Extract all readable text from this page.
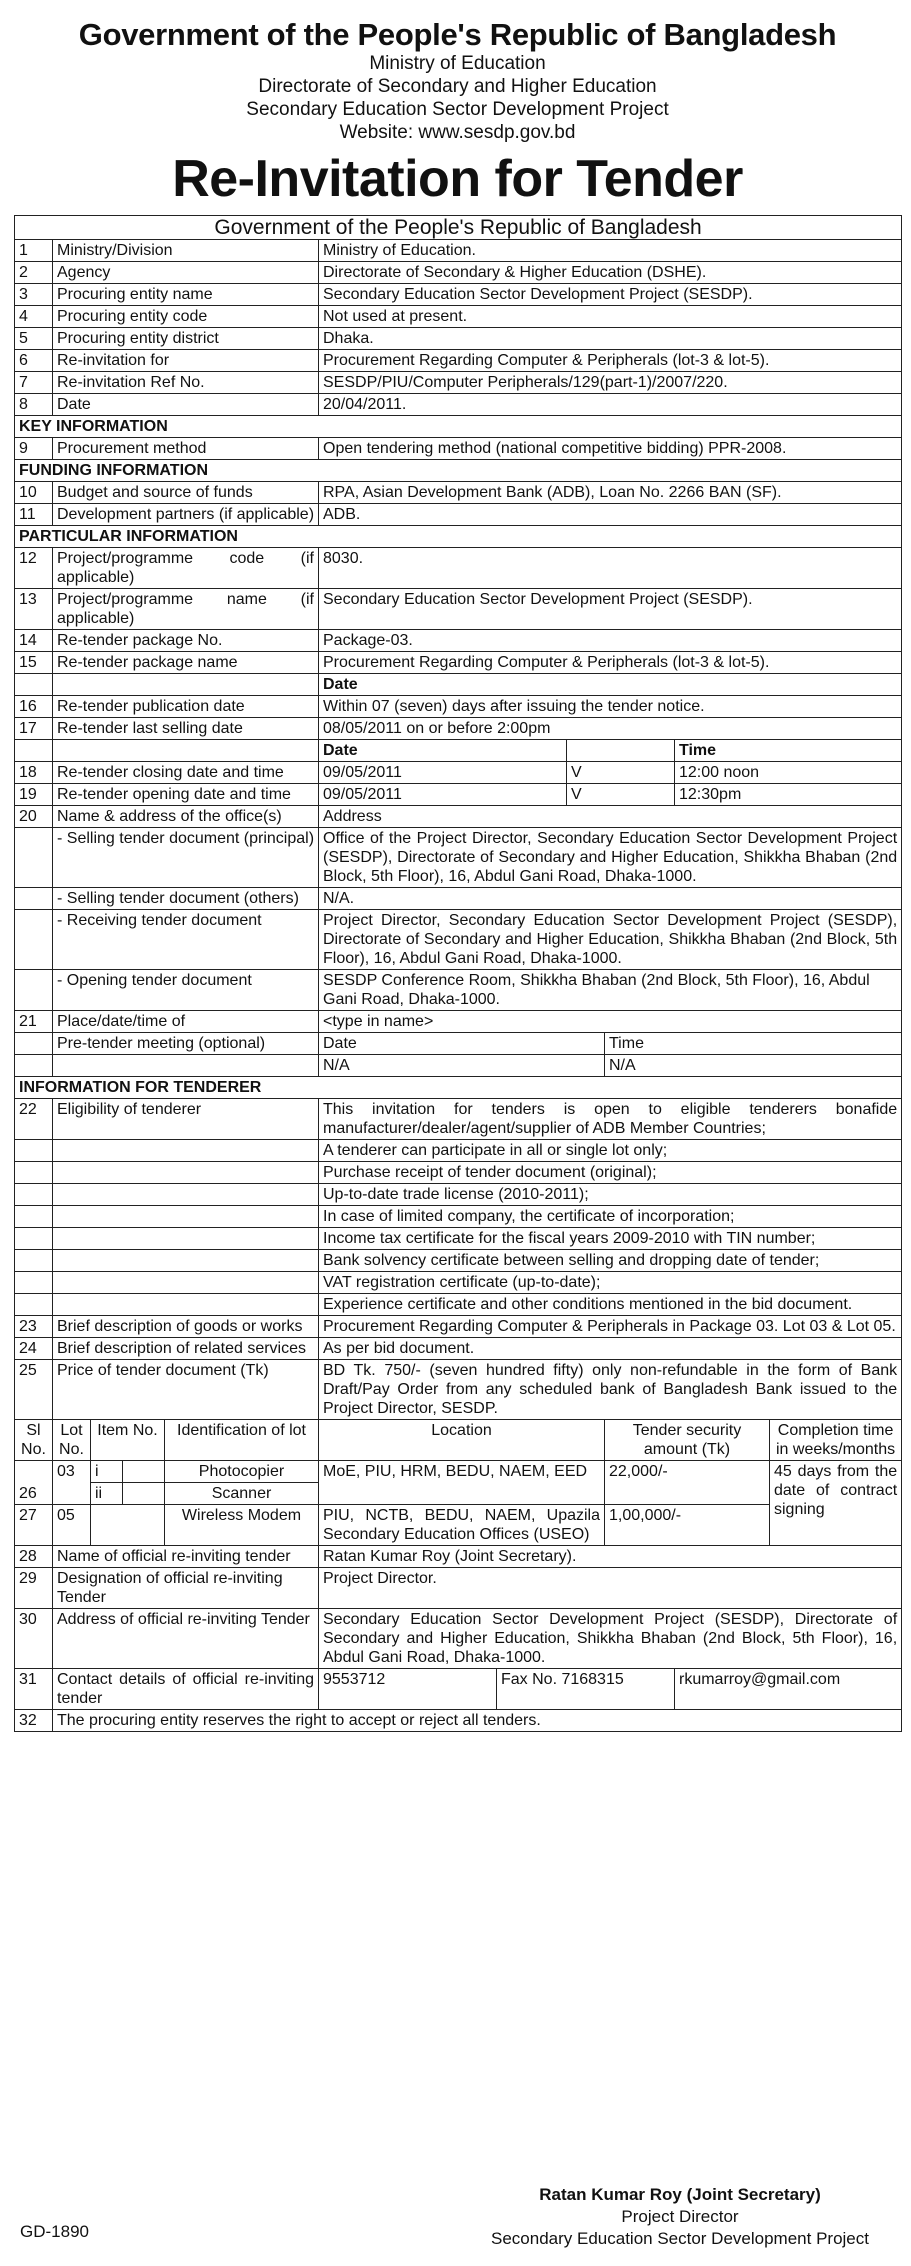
Government of the People's Republic of Bangladesh
Ministry of Education
Directorate of Secondary and Higher Education
Secondary Education Sector Development Project
Website: www.sesdp.gov.bd
Re-Invitation for Tender
Government of the People's Republic of Bangladesh										
1	Ministry/Division				Ministry of Education.					
2	Agency				Directorate of Secondary & Higher Education (DSHE).					
3	Procuring entity name				Secondary Education Sector Development Project (SESDP).					
4	Procuring entity code				Not used at present.					
5	Procuring entity district				Dhaka.					
6	Re-invitation for				Procurement Regarding Computer & Peripherals (lot-3 & lot-5).					
7	Re-invitation Ref No.				SESDP/PIU/Computer Peripherals/129(part-1)/2007/220.					
8	Date				20/04/2011.					
KEY INFORMATION										
9	Procurement method				Open tendering method (national competitive bidding) PPR-2008.					
FUNDING INFORMATION										
10	Budget and source of funds				RPA, Asian Development Bank (ADB), Loan No. 2266 BAN (SF).					
11	Development partners (if applicable)				ADB.					
PARTICULAR INFORMATION										
12	Project/programme code (if applicable)				8030.					
13	Project/programme name (if applicable)				Secondary Education Sector Development Project (SESDP).					
14	Re-tender package No.				Package-03.					
15	Re-tender package name				Procurement Regarding Computer & Peripherals (lot-3 & lot-5).					
					Date					
16	Re-tender publication date				Within 07 (seven) days after issuing the tender notice.					
17	Re-tender last selling date				08/05/2011 on or before 2:00pm					
					Date				Time	
18	Re-tender closing date and time				09/05/2011		V		12:00 noon	
19	Re-tender opening date and time				09/05/2011		V		12:30pm	
20	Name & address of the office(s)				Address					
	- Selling tender document (principal)				Office of the Project Director, Secondary Education Sector Development Project (SESDP), Directorate of Secondary and Higher Education, Shikkha Bhaban (2nd Block, 5th Floor), 16, Abdul Gani Road, Dhaka-1000.					
	- Selling tender document (others)				N/A.					
	- Receiving tender document				Project Director, Secondary Education Sector Development Project (SESDP), Directorate of Secondary and Higher Education, Shikkha Bhaban (2nd Block, 5th Floor), 16, Abdul Gani Road, Dhaka-1000.					
	- Opening tender document				SESDP Conference Room, Shikkha Bhaban (2nd Block, 5th Floor), 16, Abdul Gani Road, Dhaka-1000.					
21	Place/date/time of				<type in name>					
	Pre-tender meeting (optional)				Date			Time		
					N/A			N/A		
INFORMATION FOR TENDERER										
22	Eligibility of tenderer				This invitation for tenders is open to eligible tenderers bonafide manufacturer/dealer/agent/supplier of ADB Member Countries;					
					A tenderer can participate in all or single lot only;					
					Purchase receipt of tender document (original);					
					Up-to-date trade license (2010-2011);					
					In case of limited company, the certificate of incorporation;					
					Income tax certificate for the fiscal years 2009-2010 with TIN number;					
					Bank solvency certificate between selling and dropping date of tender;					
					VAT registration certificate (up-to-date);					
					Experience certificate and other conditions mentioned in the bid document.					
23	Brief description of goods or works				Procurement Regarding Computer & Peripherals in Package 03. Lot 03 & Lot 05.					
24	Brief description of related services				As per bid document.					
25	Price of tender document (Tk)				BD Tk. 750/- (seven hundred fifty) only non-refundable in the form of Bank Draft/Pay Order from any scheduled bank of Bangladesh Bank issued to the Project Director, SESDP.					
Sl No.	Lot No.	Item No.		Identification of lot	Location			Tender security amount (Tk)		Completion time in weeks/months
26	03	i		Photocopier	MoE, PIU, HRM, BEDU, NAEM, EED			22,000/-		45 days from the date of contract signing
		ii		Scanner						
27	05			Wireless Modem	PIU, NCTB, BEDU, NAEM, Upazila Secondary Education Offices (USEO)			1,00,000/-		
28	Name of official re-inviting tender				Ratan Kumar Roy (Joint Secretary).					
29	Designation of official re-inviting Tender				Project Director.					
30	Address of official re-inviting Tender				Secondary Education Sector Development Project (SESDP), Directorate of Secondary and Higher Education, Shikkha Bhaban (2nd Block, 5th Floor), 16, Abdul Gani Road, Dhaka-1000.					
31	Contact details of official re-inviting tender				9553712	Fax No. 7168315			rkumarroy@gmail.com	
32	The procuring entity reserves the right to accept or reject all tenders.									
Ratan Kumar Roy (Joint Secretary)
Project Director
Secondary Education Sector Development Project
GD-1890
